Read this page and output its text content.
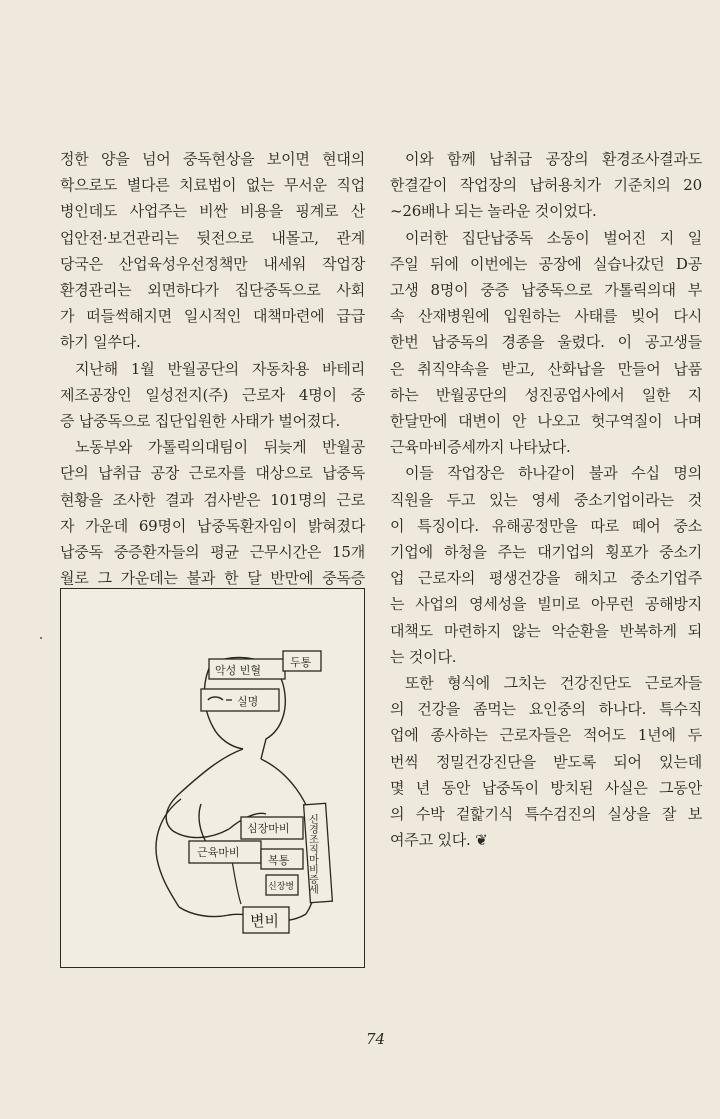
정한 양을 넘어 중독현상을 보이면 현대의
학으로도 별다른 치료법이 없는 무서운 직업
병인데도 사업주는 비싼 비용을 핑계로 산
업안전·보건관리는 뒷전으로 내몰고, 관계
당국은 산업육성우선정책만 내세워 작업장
환경관리는 외면하다가 집단중독으로 사회
가 떠들썩해지면 일시적인 대책마련에 급급
하기 일쑤다.

지난해 1월 반월공단의 자동차용 바테리
제조공장인 일성전지(주) 근로자 4명이 중
증 납중독으로 집단입원한 사태가 벌어졌다.

노동부와 가톨릭의대팀이 뒤늦게 반월공
단의 납취급 공장 근로자를 대상으로 납중독
현황을 조사한 결과 검사받은 101명의 근로
자 가운데 69명이 납중독환자임이 밝혀졌다
납중독 중증환자들의 평균 근무시간은 15개
월로 그 가운데는 불과 한 달 반만에 중독증

이와 함께 납취급 공장의 환경조사결과도
한결같이 작업장의 납허용치가 기준치의 20
~26배나 되는 놀라운 것이었다.

이러한 집단납중독 소동이 벌어진 지 일
주일 뒤에 이번에는 공장에 실습나갔던 D공
고생 8명이 중증 납중독으로 가톨릭의대 부
속 산재병원에 입원하는 사태를 빚어 다시
한번 납중독의 경종을 울렸다. 이 공고생들
은 취직약속을 받고, 산화납을 만들어 납품
하는 반월공단의 성진공업사에서 일한 지
한달만에 대변이 안 나오고 헛구역질이 나며
근육마비증세까지 나타났다.

이들 작업장은 하나같이 불과 수십 명의
직원을 두고 있는 영세 중소기업이라는 것
이 특징이다. 유해공정만을 따로 떼어 중소
기업에 하청을 주는 대기업의 횡포가 중소기
업 근로자의 평생건강을 해치고 중소기업주
는 사업의 영세성을 빌미로 아무런 공해방지
대책도 마련하지 않는 악순환을 반복하게 되
는 것이다.

또한 형식에 그치는 건강진단도 근로자들
의 건강을 좀먹는 요인중의 하나다. 특수직
업에 종사하는 근로자들은 적어도 1년에 두
번씩 정밀건강진단을 받도록 되어 있는데
몇 년 동안 납중독이 방치된 사실은 그동안
의 수박 겉핥기식 특수검진의 실상을 잘 보
여주고 있다. ❦

악성 빈혈
두통
실명
심장마비
근육마비
복통
신장병
변비
신경조직마비증세
74
